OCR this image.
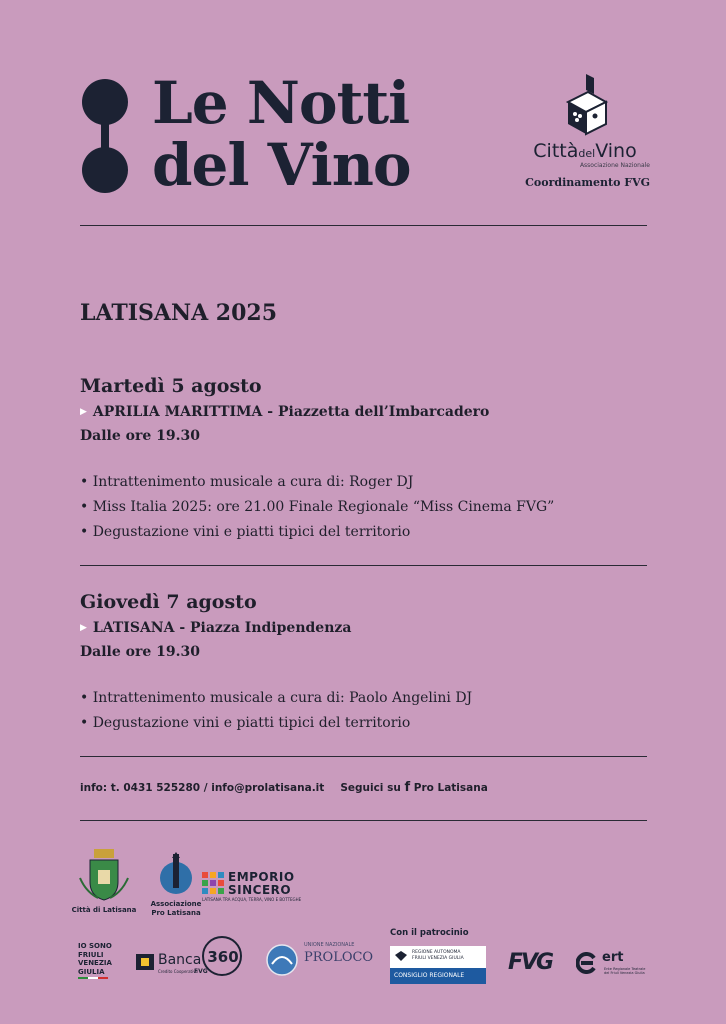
Le Notti
del Vino	CittàdelVino
Associazione Nazionale
Coordinamento FVG
LATISANA 2025
Martedì 5 agosto
▶ APRILIA MARITTIMA - Piazzetta dell’Imbarcadero
Dalle ore 19.30
• Intrattenimento musicale a cura di: Roger DJ
• Miss Italia 2025: ore 21.00 Finale Regionale “Miss Cinema FVG”
• Degustazione vini e piatti tipici del territorio
Giovedì 7 agosto
▶ LATISANA - Piazza Indipendenza
Dalle ore 19.30
• Intrattenimento musicale a cura di: Paolo Angelini DJ
• Degustazione vini e piatti tipici del territorio
info: t. 0431 525280 / info@prolatisana.it Seguici su f Pro Latisana
Città di Latisana
Associazione
Pro Latisana
EMPORIO
SINCERO
LATISANA TRA ACQUA, TERRA, VINO E BOTTEGHE
IO SONO
FRIULI
VENEZIA
GIULIA
Banca
Credito Cooperativo
FVG
360
UNIONE NAZIONALE
PROLOCO
Con il patrocinio
REGIONE AUTONOMA
FRIULI VENEZIA GIULIA
CONSIGLIO REGIONALE
FVG	ert
Ente Regionale Teatrale
del Friuli Venezia Giulia
